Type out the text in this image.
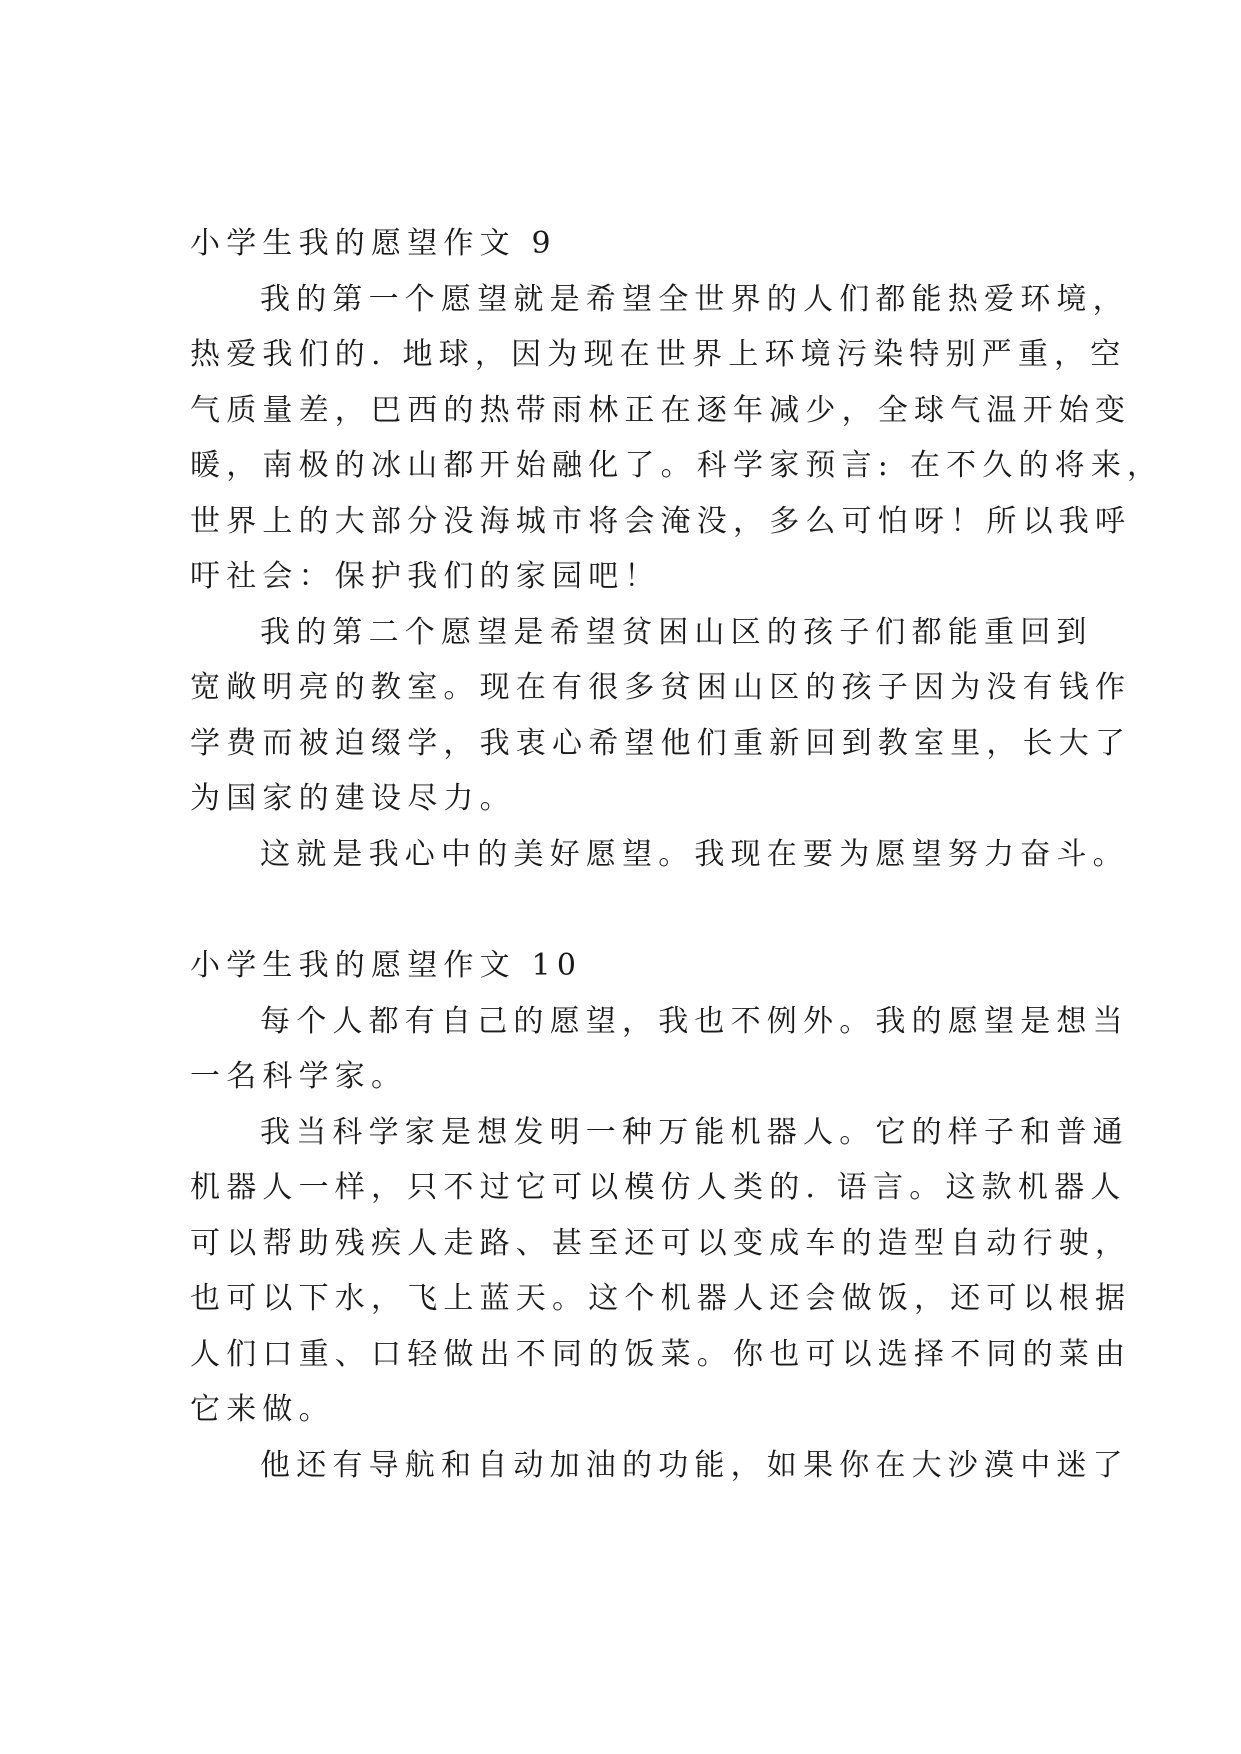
小学生我的愿望作文 9
我的第一个愿望就是希望全世界的人们都能热爱环境，
热爱我们的. 地球，因为现在世界上环境污染特别严重，空
气质量差，巴西的热带雨林正在逐年减少，全球气温开始变
暖，南极的冰山都开始融化了。科学家预言: 在不久的将来，
世界上的大部分没海城市将会淹没，多么可怕呀！所以我呼
吁社会：保护我们的家园吧！
我的第二个愿望是希望贫困山区的孩子们都能重回到
宽敞明亮的教室。现在有很多贫困山区的孩子因为没有钱作
学费而被迫缀学，我衷心希望他们重新回到教室里，长大了
为国家的建设尽力。
这就是我心中的美好愿望。我现在要为愿望努力奋斗。
小学生我的愿望作文 10
每个人都有自己的愿望，我也不例外。我的愿望是想当
一名科学家。
我当科学家是想发明一种万能机器人。它的样子和普通
机器人一样，只不过它可以模仿人类的. 语言。这款机器人
可以帮助残疾人走路、甚至还可以变成车的造型自动行驶，
也可以下水，飞上蓝天。这个机器人还会做饭，还可以根据
人们口重、口轻做出不同的饭菜。你也可以选择不同的菜由
它来做。
他还有导航和自动加油的功能，如果你在大沙漠中迷了
